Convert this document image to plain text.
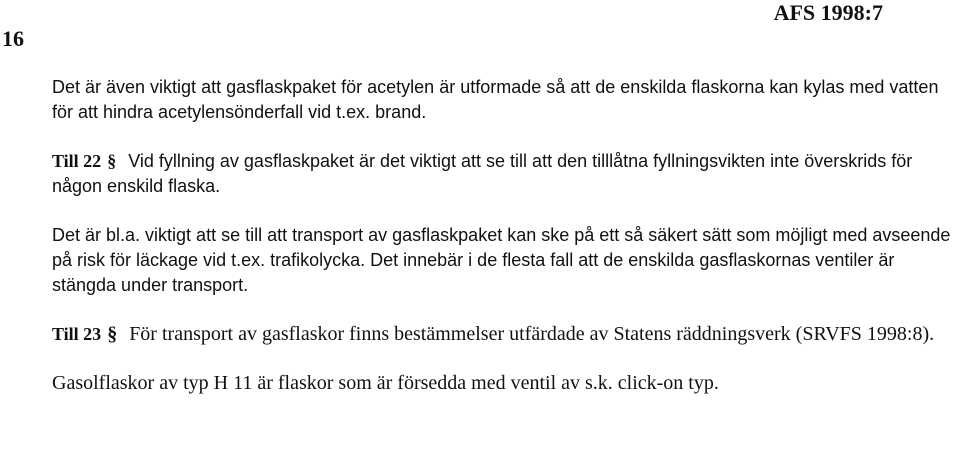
16
AFS 1998:7

Det är även viktigt att gasflaskpaket för acetylen är utformade så att de enskilda flaskorna kan kylas med vatten för att hindra acetylensönderfall vid t.ex. brand.

Till 22 § Vid fyllning av gasflaskpaket är det viktigt att se till att den tilllåtna fyllningsvikten inte överskrids för någon enskild flaska.

Det är bl.a. viktigt att se till att transport av gasflaskpaket kan ske på ett så säkert sätt som möjligt med avseende på risk för läckage vid t.ex. trafikolycka. Det innebär i de flesta fall att de enskilda gasflaskornas ventiler är stängda under transport.

Till 23 § För transport av gasflaskor finns bestämmelser utfärdade av Statens räddningsverk (SRVFS 1998:8).

Gasolflaskor av typ H 11 är flaskor som är försedda med ventil av s.k. click-on typ.
